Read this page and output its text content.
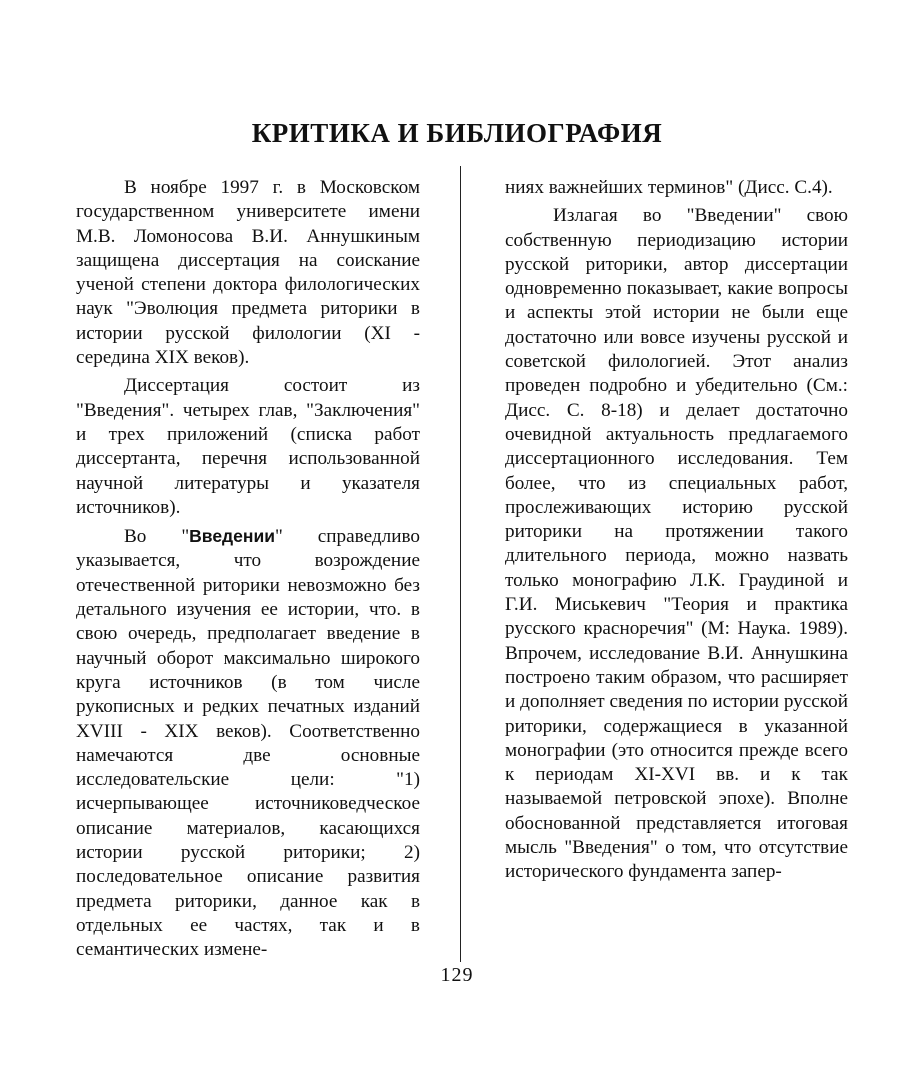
КРИТИКА И БИБЛИОГРАФИЯ

В ноябре 1997 г. в Московском государственном университете имени М.В. Ломоносова В.И. Аннушкиным защищена диссертация на соискание ученой степени доктора филологических наук "Эволюция предмета риторики в истории русской филологии (XI - середина XIX веков).

Диссертация состоит из "Введения". четырех глав, "Заключения" и трех приложений (списка работ диссертанта, перечня использованной научной литературы и указателя источников).

Во "Введении" справедливо указывается, что возрождение отечественной риторики невозможно без детального изучения ее истории, что. в свою очередь, предполагает введение в научный оборот максимально широкого круга источников (в том числе рукописных и редких печатных изданий XVIII - XIX веков). Соответственно намечаются две основные исследовательские цели: "1) исчерпывающее источниковедческое описание материалов, касающихся истории русской риторики; 2) последовательное описание развития предмета риторики, данное как в отдельных ее частях, так и в семантических измене-

ниях важнейших терминов" (Дисс. С.4).

Излагая во "Введении" свою собственную периодизацию истории русской риторики, автор диссертации одновременно показывает, какие вопросы и аспекты этой истории не были еще достаточно или вовсе изучены русской и советской филологией. Этот анализ проведен подробно и убедительно (См.: Дисс. С. 8-18) и делает достаточно очевидной актуальность предлагаемого диссертационного исследования. Тем более, что из специальных работ, прослеживающих историю русской риторики на протяжении такого длительного периода, можно назвать только монографию Л.К. Граудиной и Г.И. Миськевич "Теория и практика русского красноречия" (М: Наука. 1989). Впрочем, исследование В.И. Аннушкина построено таким образом, что расширяет и дополняет сведения по истории русской риторики, содержащиеся в указанной монографии (это относится прежде всего к периодам XI-XVI вв. и к так называемой петровской эпохе). Вполне обоснованной представляется итоговая мысль "Введения" о том, что отсутствие исторического фундамента запер-

129
